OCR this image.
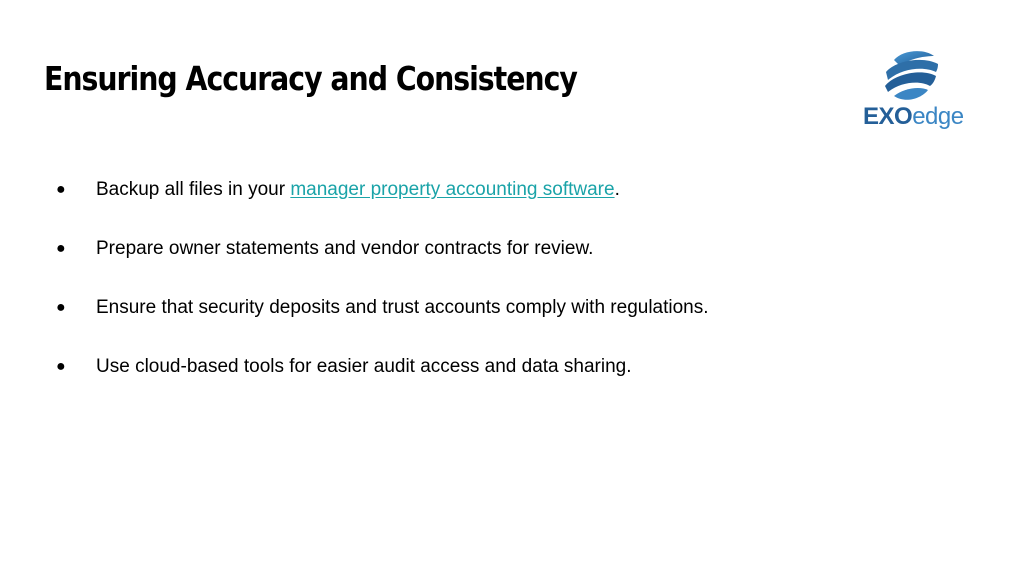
Ensuring Accuracy and Consistency
EXOedge
●	Backup all files in your manager property accounting software.
●	Prepare owner statements and vendor contracts for review.
●	Ensure that security deposits and trust accounts comply with regulations.
●	Use cloud-based tools for easier audit access and data sharing.
